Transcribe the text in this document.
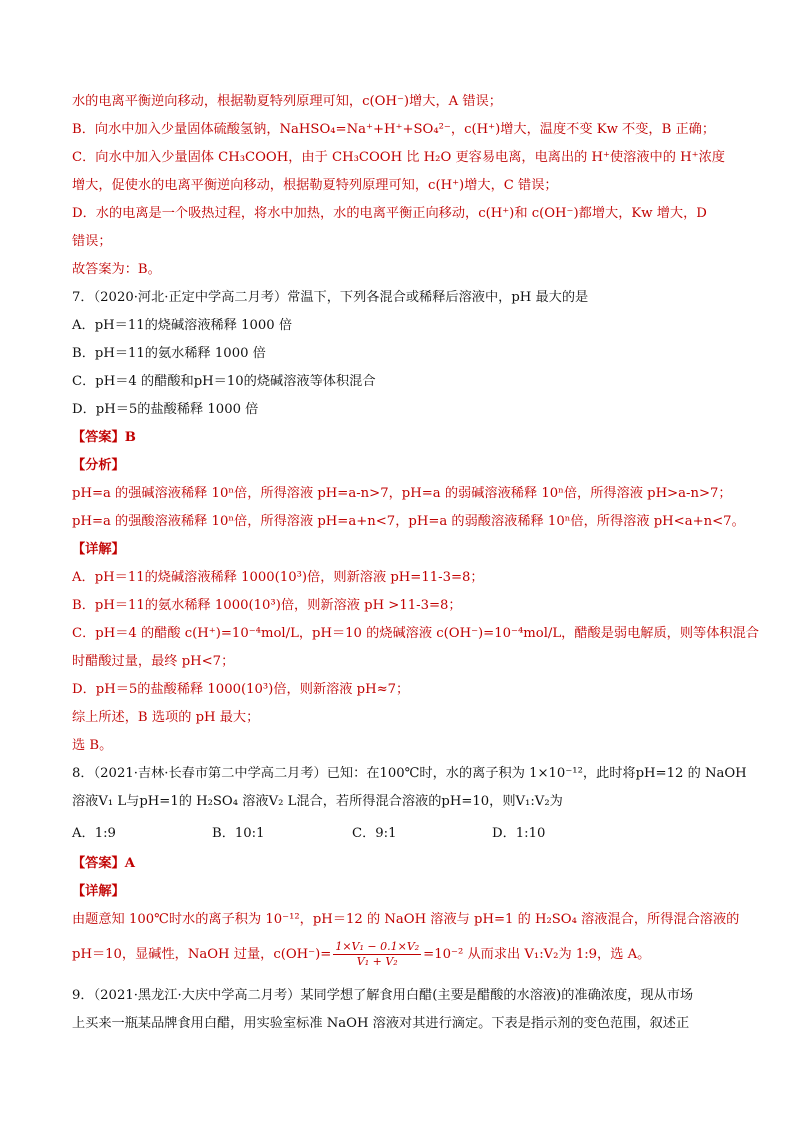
水的电离平衡逆向移动，根据勒夏特列原理可知，c(OH⁻)增大，A 错误；
B．向水中加入少量固体硫酸氢钠，NaHSO₄=Na⁺+H⁺+SO₄²⁻，c(H⁺)增大，温度不变 Kw 不变，B 正确；
C．向水中加入少量固体 CH₃COOH，由于 CH₃COOH 比 H₂O 更容易电离，电离出的 H⁺使溶液中的 H⁺浓度
增大，促使水的电离平衡逆向移动，根据勒夏特列原理可知，c(H⁺)增大，C 错误；
D．水的电离是一个吸热过程，将水中加热，水的电离平衡正向移动，c(H⁺)和 c(OH⁻)都增大，Kw 增大，D
错误；
故答案为：B。
7．（2020·河北·正定中学高二月考）常温下，下列各混合或稀释后溶液中，pH 最大的是
A．pH＝11的烧碱溶液稀释 1000 倍
B．pH＝11的氨水稀释 1000 倍
C．pH＝4 的醋酸和pH＝10的烧碱溶液等体积混合
D．pH＝5的盐酸稀释 1000 倍
【答案】B
【分析】
pH=a 的强碱溶液稀释 10ⁿ倍，所得溶液 pH=a-n>7，pH=a 的弱碱溶液稀释 10ⁿ倍，所得溶液 pH>a-n>7；
pH=a 的强酸溶液稀释 10ⁿ倍，所得溶液 pH=a+n<7，pH=a 的弱酸溶液稀释 10ⁿ倍，所得溶液 pH<a+n<7。
【详解】
A．pH＝11的烧碱溶液稀释 1000(10³)倍，则新溶液 pH=11-3=8；
B．pH＝11的氨水稀释 1000(10³)倍，则新溶液 pH >11-3=8；
C．pH＝4 的醋酸 c(H⁺)=10⁻⁴mol/L，pH＝10 的烧碱溶液 c(OH⁻)=10⁻⁴mol/L，醋酸是弱电解质，则等体积混合
时醋酸过量，最终 pH<7；
D．pH＝5的盐酸稀释 1000(10³)倍，则新溶液 pH≈7；
综上所述，B 选项的 pH 最大；
选 B。
8．（2021·吉林·长春市第二中学高二月考）已知：在100℃时，水的离子积为 1×10⁻¹²，此时将pH=12 的 NaOH
溶液V₁ L与pH=1的 H₂SO₄ 溶液V₂ L混合，若所得混合溶液的pH=10，则V₁:V₂为
A．1:9	B．10:1	C．9:1	D．1:10
【答案】A
【详解】
由题意知 100℃时水的离子积为 10⁻¹²，pH＝12 的 NaOH 溶液与 pH=1 的 H₂SO₄ 溶液混合，所得混合溶液的
pH＝10，显碱性，NaOH 过量，$c(OH^-)= \frac{\text{1×V₁ − 0.1×V₂}}{\text{V₁ + V₂}} =10^{-2}$ 从而求出 V₁:V₂为 1:9，选 A。
9．（2021·黑龙江·大庆中学高二月考）某同学想了解食用白醋(主要是醋酸的水溶液)的准确浓度，现从市场
上买来一瓶某品牌食用白醋，用实验室标准 NaOH 溶液对其进行滴定。下表是指示剂的变色范围，叙述正
